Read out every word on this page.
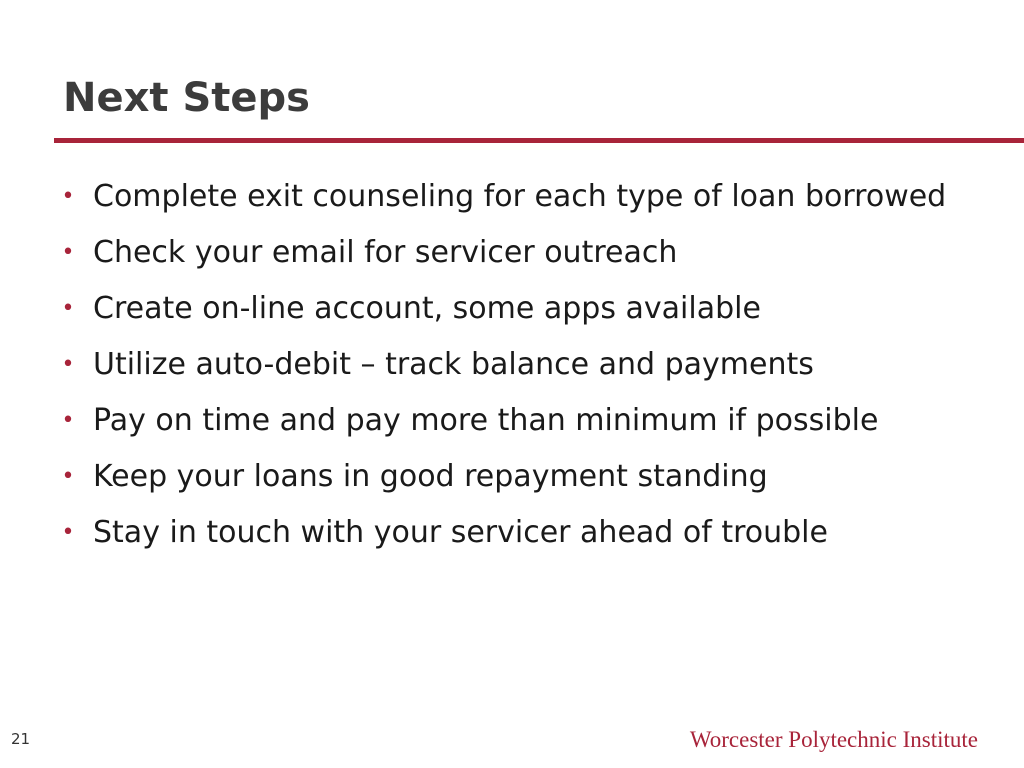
Next Steps
• Complete exit counseling for each type of loan borrowed
• Check your email for servicer outreach
• Create on-line account, some apps available
• Utilize auto-debit – track balance and payments
• Pay on time and pay more than minimum if possible
• Keep your loans in good repayment standing
• Stay in touch with your servicer ahead of trouble
21	Worcester Polytechnic Institute
